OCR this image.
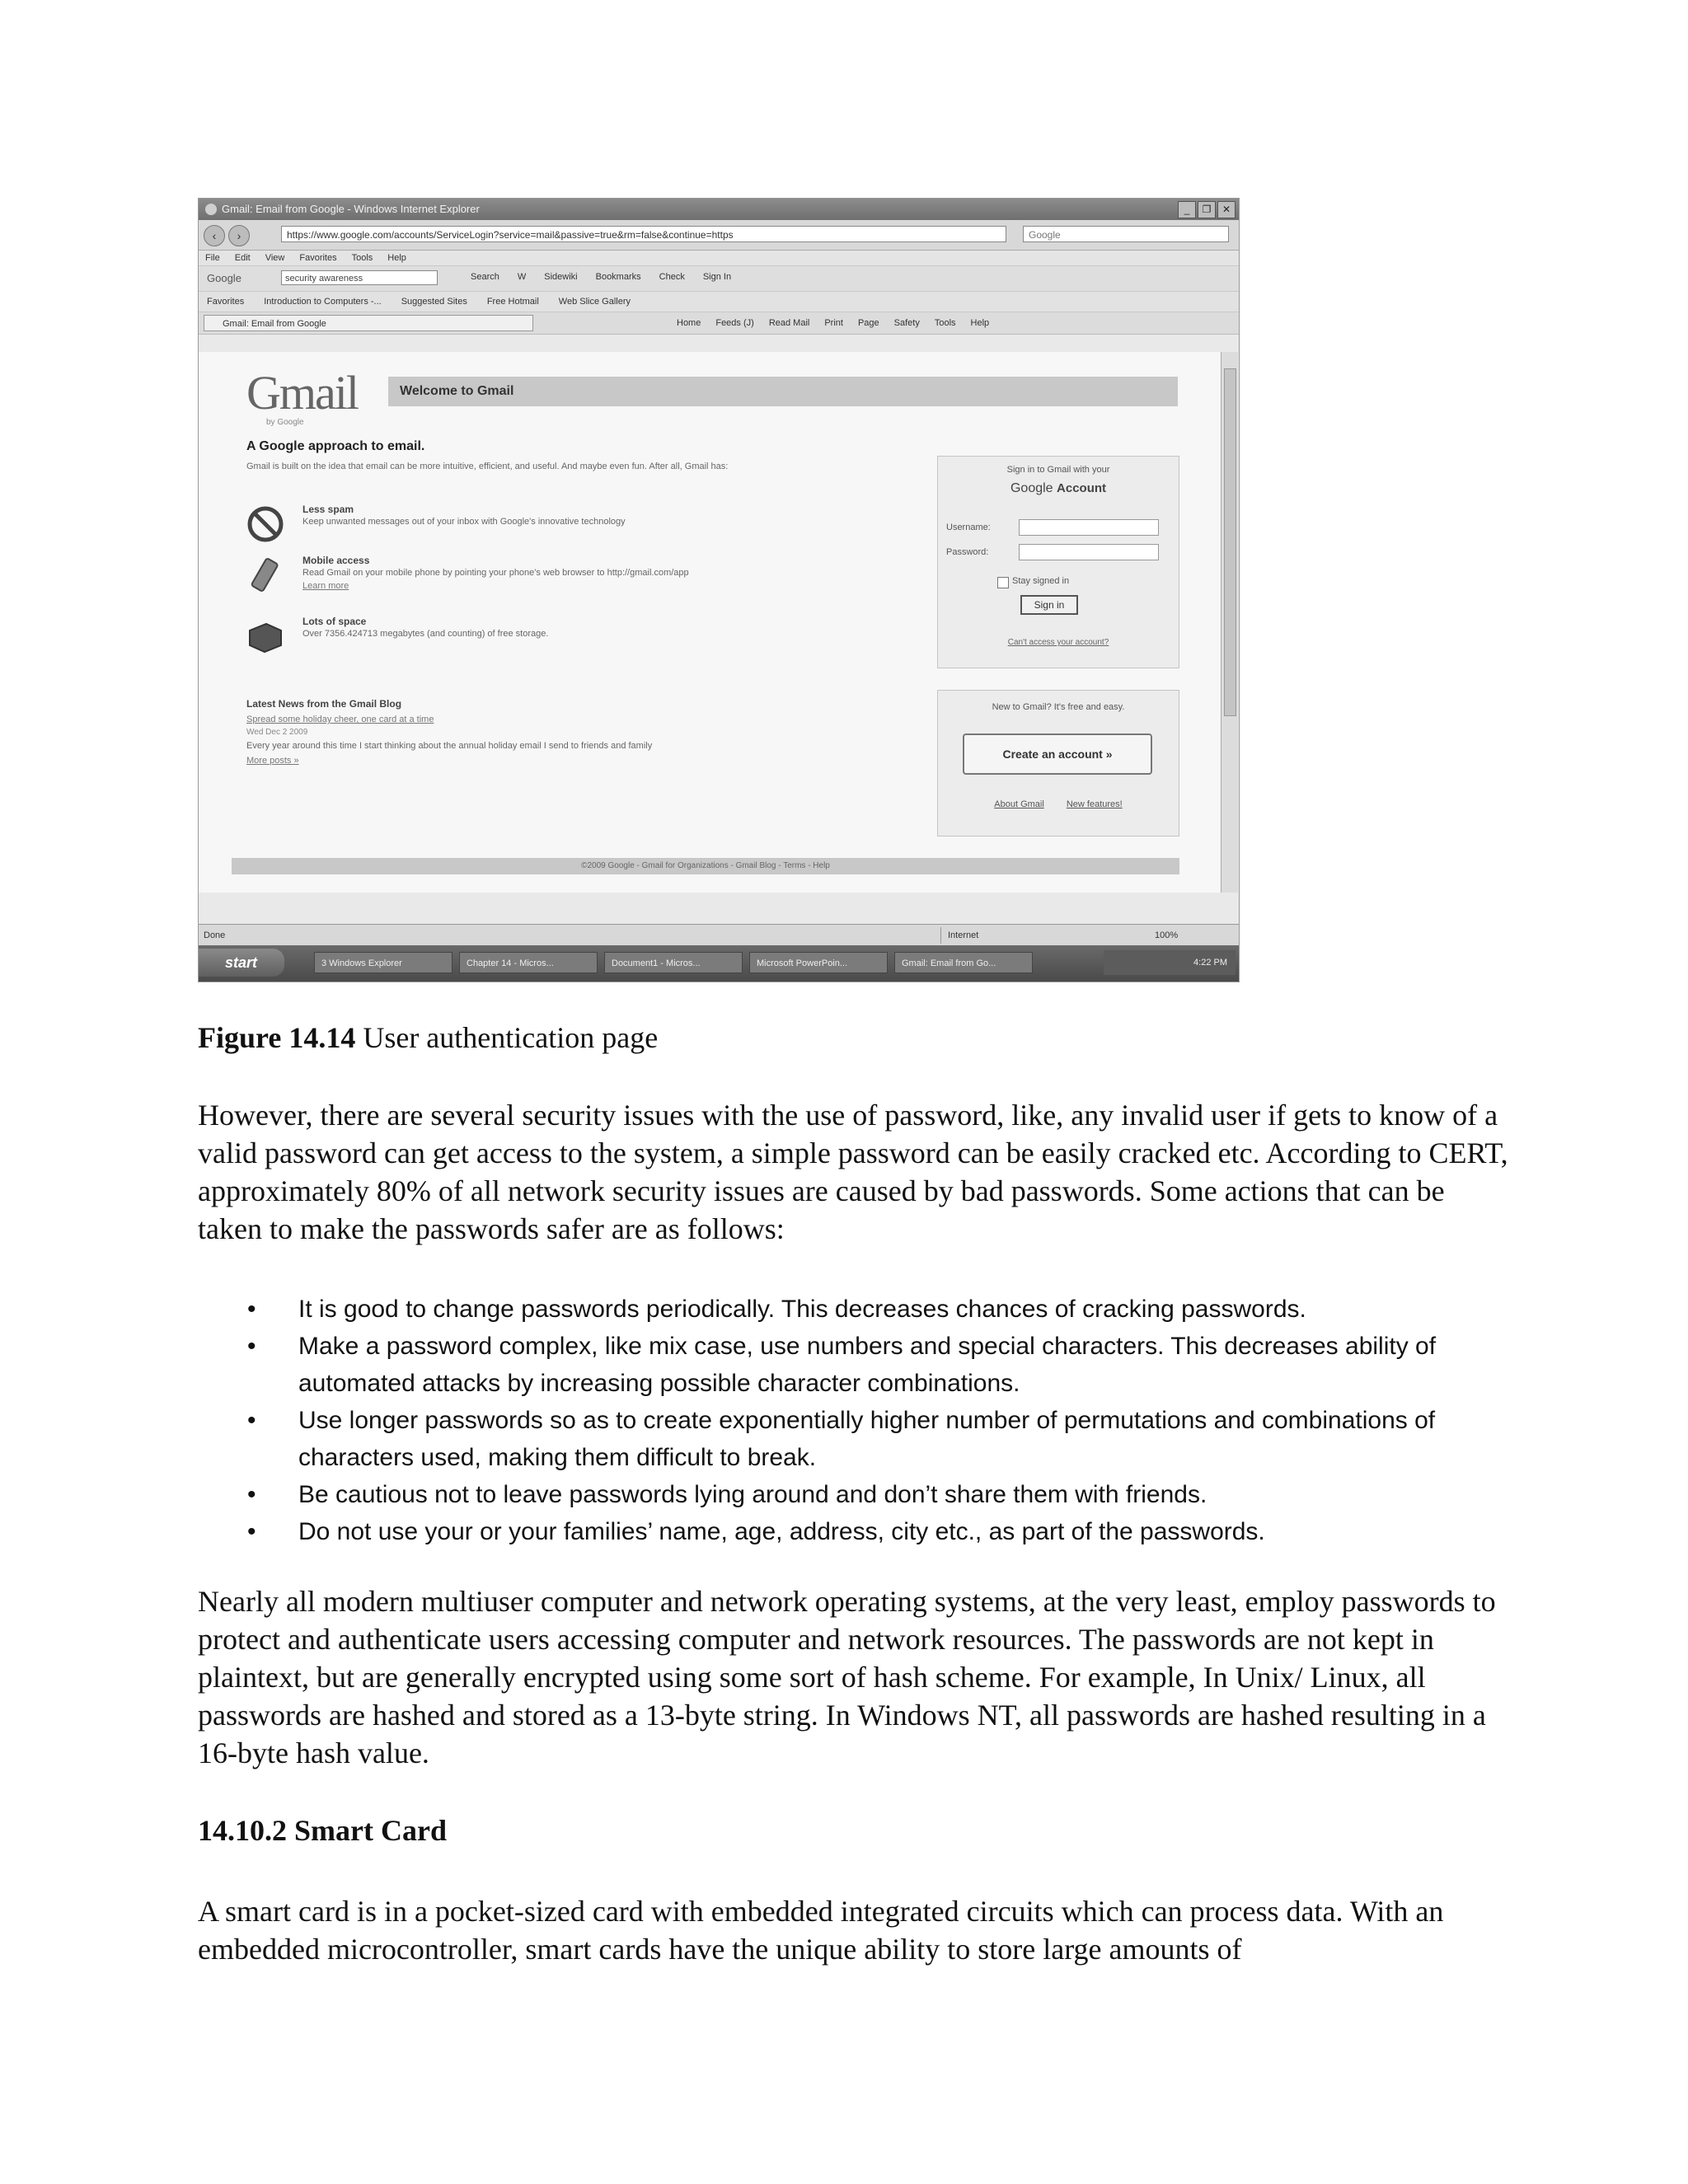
Gmail: Email from Google - Windows Internet Explorer	_	❐	✕
‹	›	https://www.google.com/accounts/ServiceLogin?service=mail&passive=true&rm=false&continue=https	Google
File Edit View Favorites Tools Help
Google	security awareness	Search W Sidewiki Bookmarks Check Sign In
Favorites Introduction to Computers -... Suggested Sites Free Hotmail Web Slice Gallery
Gmail: Email from Google	Home Feeds (J) Read Mail Print Page Safety Tools Help
Gmail
by Google
Welcome to Gmail
A Google approach to email.
Gmail is built on the idea that email can be more intuitive, efficient, and useful. And maybe even fun. After all, Gmail has:
Less spam
Keep unwanted messages out of your inbox with Google's innovative technology
Mobile access
Read Gmail on your mobile phone by pointing your phone's web browser to http://gmail.com/app
Learn more
Lots of space
Over 7356.424713 megabytes (and counting) of free storage.
Sign in to Gmail with your
Google Account
Username:
Password:
Stay signed in
Sign in
Can't access your account?
Latest News from the Gmail Blog
Spread some holiday cheer, one card at a time
Wed Dec 2 2009
Every year around this time I start thinking about the annual holiday email I send to friends and family
More posts »
New to Gmail? It's free and easy.
Create an account »
About Gmail New features!
©2009 Google - Gmail for Organizations - Gmail Blog - Terms - Help
Done	Internet	100%
start	3 Windows Explorer	Chapter 14 - Micros...	Document1 - Micros...	Microsoft PowerPoin...	Gmail: Email from Go...	4:22 PM
Figure 14.14 User authentication page
However, there are several security issues with the use of password, like, any invalid user if gets to know of a valid password can get access to the system, a simple password can be easily cracked etc. According to CERT, approximately 80% of all network security issues are caused by bad passwords. Some actions that can be taken to make the passwords safer are as follows:
• It is good to change passwords periodically. This decreases chances of cracking passwords.
• Make a password complex, like mix case, use numbers and special characters. This decreases ability of automated attacks by increasing possible character combinations.
• Use longer passwords so as to create exponentially higher number of permutations and combinations of characters used, making them difficult to break.
• Be cautious not to leave passwords lying around and don’t share them with friends.
• Do not use your or your families’ name, age, address, city etc., as part of the passwords.
Nearly all modern multiuser computer and network operating systems, at the very least, employ passwords to protect and authenticate users accessing computer and network resources. The passwords are not kept in plaintext, but are generally encrypted using some sort of hash scheme. For example, In Unix/ Linux, all passwords are hashed and stored as a 13-byte string. In Windows NT, all passwords are hashed resulting in a 16-byte hash value.
14.10.2 Smart Card
A smart card is in a pocket-sized card with embedded integrated circuits which can process data. With an embedded microcontroller, smart cards have the unique ability to store large amounts of
